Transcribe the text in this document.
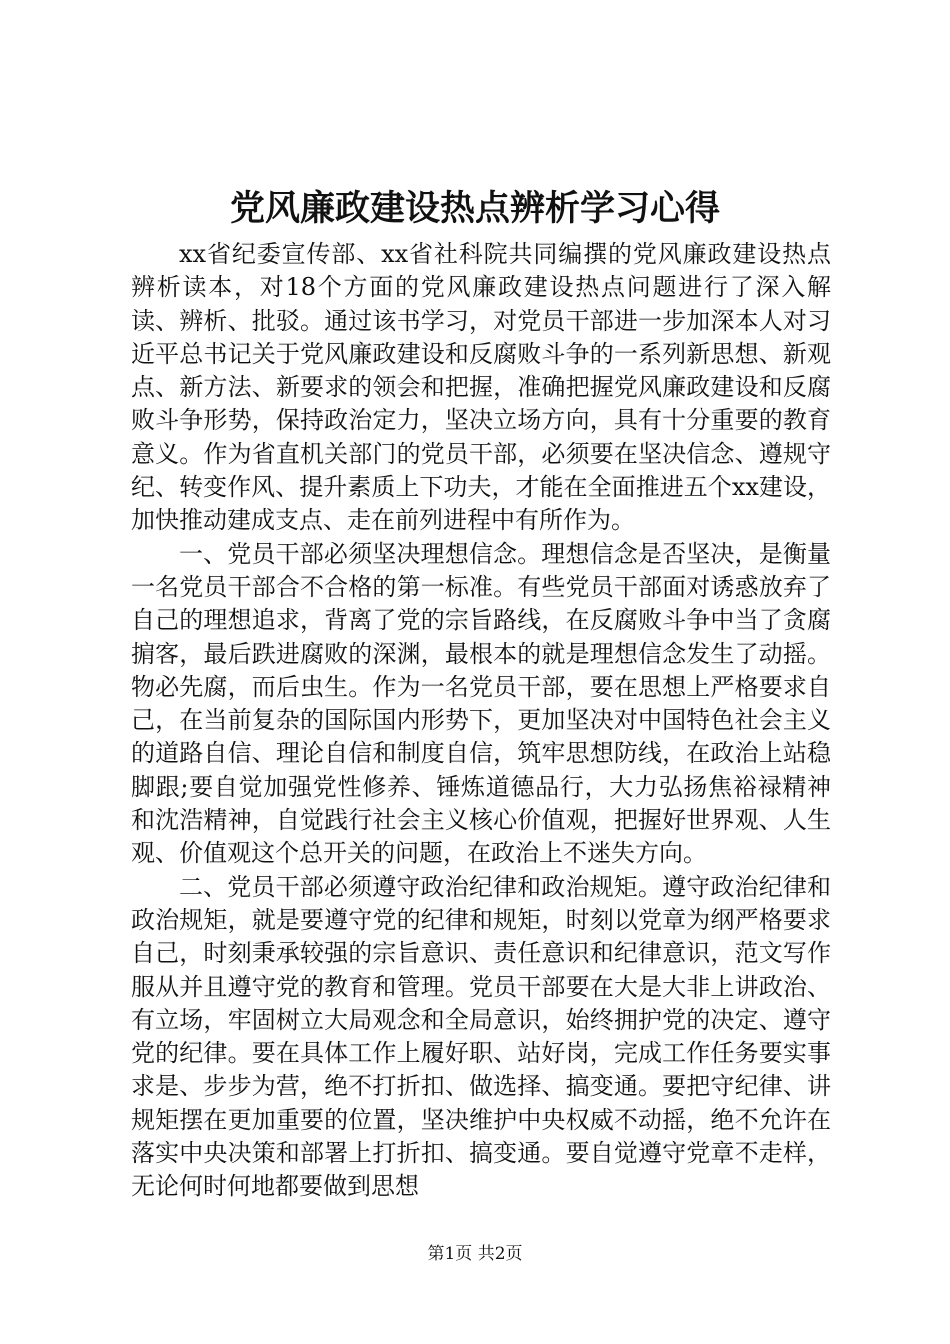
党风廉政建设热点辨析学习心得

xx省纪委宣传部、xx省社科院共同编撰的党风廉政建设热点辨析读本，对18个方面的党风廉政建设热点问题进行了深入解读、辨析、批驳。通过该书学习，对党员干部进一步加深本人对习近平总书记关于党风廉政建设和反腐败斗争的一系列新思想、新观点、新方法、新要求的领会和把握，准确把握党风廉政建设和反腐败斗争形势，保持政治定力，坚决立场方向，具有十分重要的教育意义。作为省直机关部门的党员干部，必须要在坚决信念、遵规守纪、转变作风、提升素质上下功夫，才能在全面推进五个xx建设，加快推动建成支点、走在前列进程中有所作为。

一、党员干部必须坚决理想信念。理想信念是否坚决，是衡量一名党员干部合不合格的第一标准。有些党员干部面对诱惑放弃了自己的理想追求，背离了党的宗旨路线，在反腐败斗争中当了贪腐掮客，最后跌进腐败的深渊，最根本的就是理想信念发生了动摇。物必先腐，而后虫生。作为一名党员干部，要在思想上严格要求自己，在当前复杂的国际国内形势下，更加坚决对中国特色社会主义的道路自信、理论自信和制度自信，筑牢思想防线，在政治上站稳脚跟;要自觉加强党性修养、锤炼道德品行，大力弘扬焦裕禄精神和沈浩精神，自觉践行社会主义核心价值观，把握好世界观、人生观、价值观这个总开关的问题，在政治上不迷失方向。

二、党员干部必须遵守政治纪律和政治规矩。遵守政治纪律和政治规矩，就是要遵守党的纪律和规矩，时刻以党章为纲严格要求自己，时刻秉承较强的宗旨意识、责任意识和纪律意识，范文写作服从并且遵守党的教育和管理。党员干部要在大是大非上讲政治、有立场，牢固树立大局观念和全局意识，始终拥护党的决定、遵守党的纪律。要在具体工作上履好职、站好岗，完成工作任务要实事求是、步步为营，绝不打折扣、做选择、搞变通。要把守纪律、讲规矩摆在更加重要的位置，坚决维护中央权威不动摇，绝不允许在落实中央决策和部署上打折扣、搞变通。要自觉遵守党章不走样，无论何时何地都要做到思想

第1页 共2页
